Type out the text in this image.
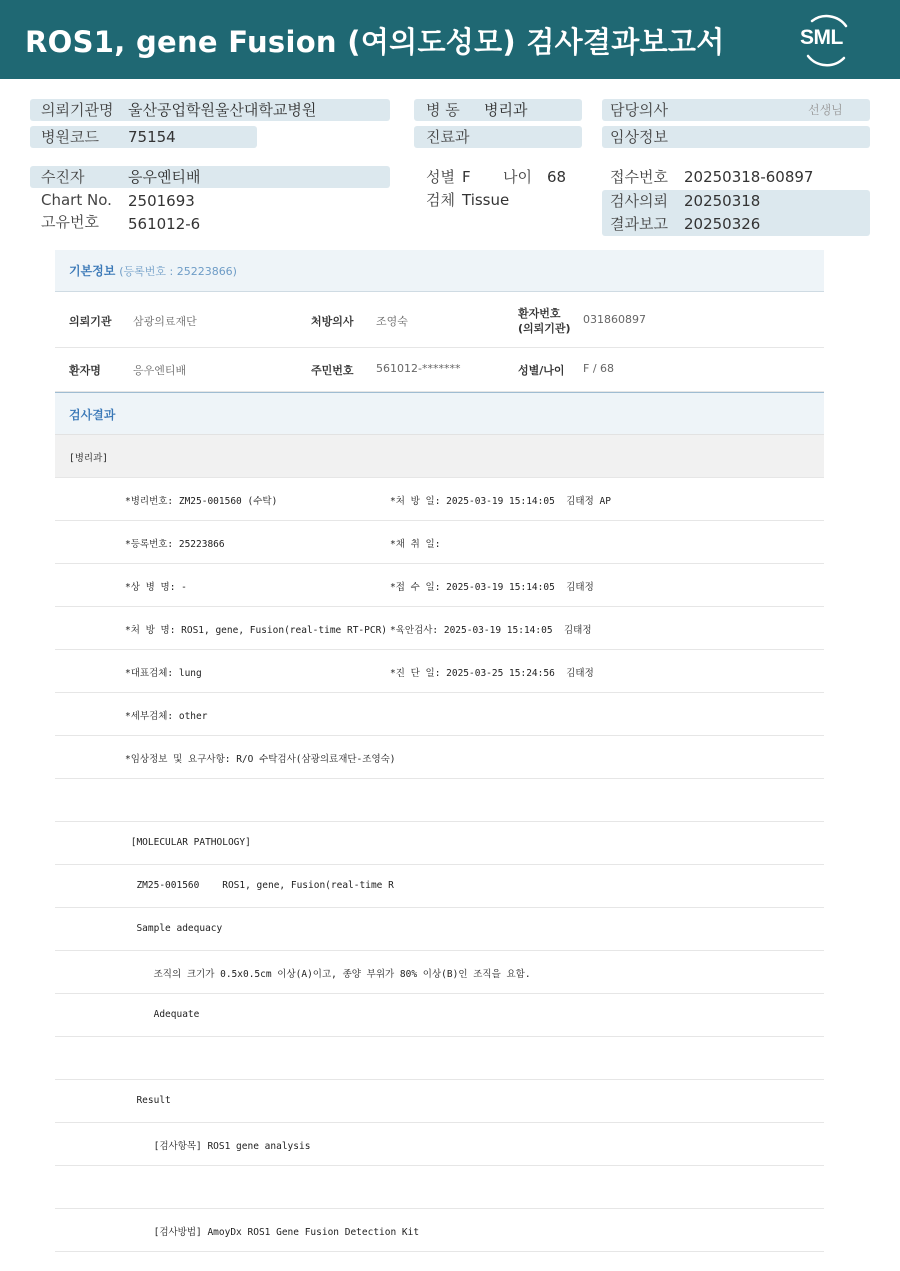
ROS1, gene Fusion (여의도성모) 검사결과보고서	SML
의뢰기관명 울산공업학원울산대학교병원
병원코드 75154
병 동 병리과
진료과
담당의사	선생님
임상정보
수진자	응우옌티배
Chart No. 2501693
고유번호 561012-6
성별 F 나이 68
검체 Tissue
접수번호 20250318-60897
검사의뢰 20250318
결과보고 20250326
기본정보 (등록번호 : 25223866)
의뢰기관 삼광의료재단	처방의사 조영숙
환자번호
(의뢰기관)
031860897
환자명	응우엔티배	주민번호 561012-*******	성별/나이 F / 68
검사결과
[병리과]
*병리번호: ZM25-001560 (수탁)	*처 방 일: 2025-03-19 15:14:05  김태정 AP
*등록번호: 25223866	*채 취 일:
*상 병 명: -	*접 수 일: 2025-03-19 15:14:05  김태정
*처 방 명: ROS1, gene, Fusion(real-time RT-PCR) *육안검사: 2025-03-19 15:14:05  김태정
*대표검체: lung	*진 단 일: 2025-03-25 15:24:56  김태정
*세부검체: other
*임상정보 및 요구사항: R/O 수탁검사(삼광의료재단-조영숙)
[MOLECULAR PATHOLOGY]
ZM25-001560    ROS1, gene, Fusion(real-time R
Sample adequacy
조직의 크기가 0.5x0.5cm 이상(A)이고, 종양 부위가 80% 이상(B)인 조직을 요함.
Adequate
Result
[검사항목] ROS1 gene analysis
[검사방법] AmoyDx ROS1 Gene Fusion Detection Kit
